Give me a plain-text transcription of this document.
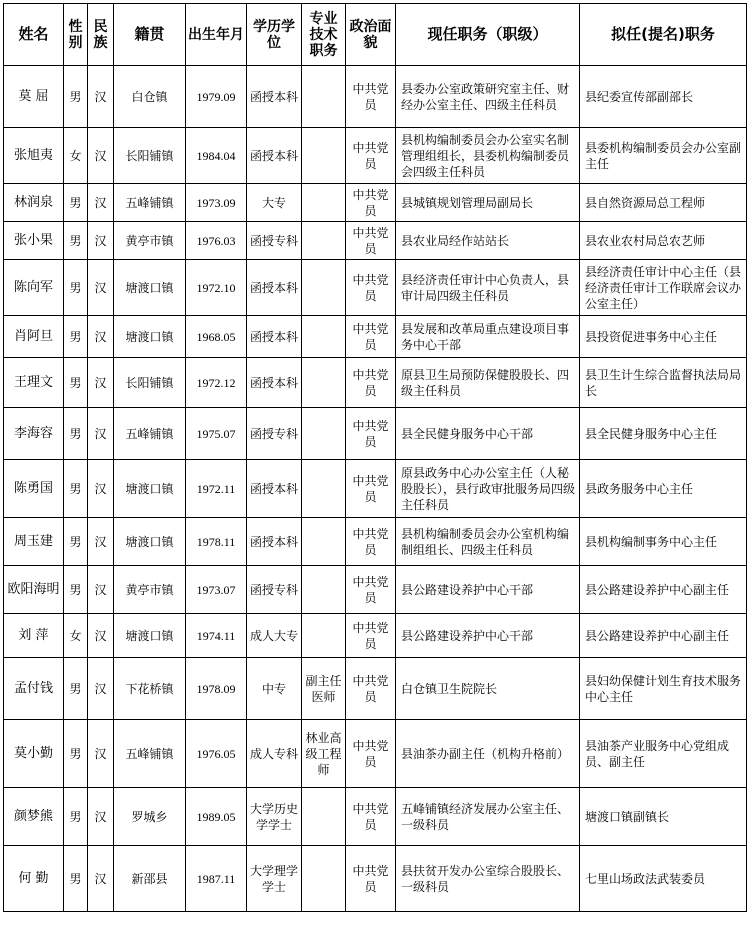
姓名	性别	民族	籍贯	出生年月	学历学位	专业技术职务	政治面貌	现任职务（职级）	拟任(提名)职务
莫 屈	男	汉	白仓镇	1979.09	函授本科		中共党员	县委办公室政策研究室主任、财经办公室主任、四级主任科员	县纪委宣传部副部长
张旭夷	女	汉	长阳铺镇	1984.04	函授本科		中共党员	县机构编制委员会办公室实名制管理组组长，县委机构编制委员会四级主任科员	县委机构编制委员会办公室副主任
林润泉	男	汉	五峰铺镇	1973.09	大专		中共党员	县城镇规划管理局副局长	县自然资源局总工程师
张小果	男	汉	黄亭市镇	1976.03	函授专科		中共党员	县农业局经作站站长	县农业农村局总农艺师
陈向军	男	汉	塘渡口镇	1972.10	函授本科		中共党员	县经济责任审计中心负责人，县审计局四级主任科员	县经济责任审计中心主任（县经济责任审计工作联席会议办公室主任）
肖阿旦	男	汉	塘渡口镇	1968.05	函授本科		中共党员	县发展和改革局重点建设项目事务中心干部	县投资促进事务中心主任
王理文	男	汉	长阳铺镇	1972.12	函授本科		中共党员	原县卫生局预防保健股股长、四级主任科员	县卫生计生综合监督执法局局长
李海容	男	汉	五峰铺镇	1975.07	函授专科		中共党员	县全民健身服务中心干部	县全民健身服务中心主任
陈勇国	男	汉	塘渡口镇	1972.11	函授本科		中共党员	原县政务中心办公室主任（人秘股股长），县行政审批服务局四级主任科员	县政务服务中心主任
周玉建	男	汉	塘渡口镇	1978.11	函授本科		中共党员	县机构编制委员会办公室机构编制组组长、四级主任科员	县机构编制事务中心主任
欧阳海明	男	汉	黄亭市镇	1973.07	函授专科		中共党员	县公路建设养护中心干部	县公路建设养护中心副主任
刘 萍	女	汉	塘渡口镇	1974.11	成人大专		中共党员	县公路建设养护中心干部	县公路建设养护中心副主任
孟付钱	男	汉	下花桥镇	1978.09	中专	副主任医师	中共党员	白仓镇卫生院院长	县妇幼保健计划生育技术服务中心主任
莫小勤	男	汉	五峰铺镇	1976.05	成人专科	林业高级工程师	中共党员	县油茶办副主任（机构升格前）	县油茶产业服务中心党组成员、副主任
颜梦熊	男	汉	罗城乡	1989.05	大学历史学学士		中共党员	五峰铺镇经济发展办公室主任、一级科员	塘渡口镇副镇长
何 勤	男	汉	新邵县	1987.11	大学理学学士		中共党员	县扶贫开发办公室综合股股长、一级科员	七里山场政法武装委员
